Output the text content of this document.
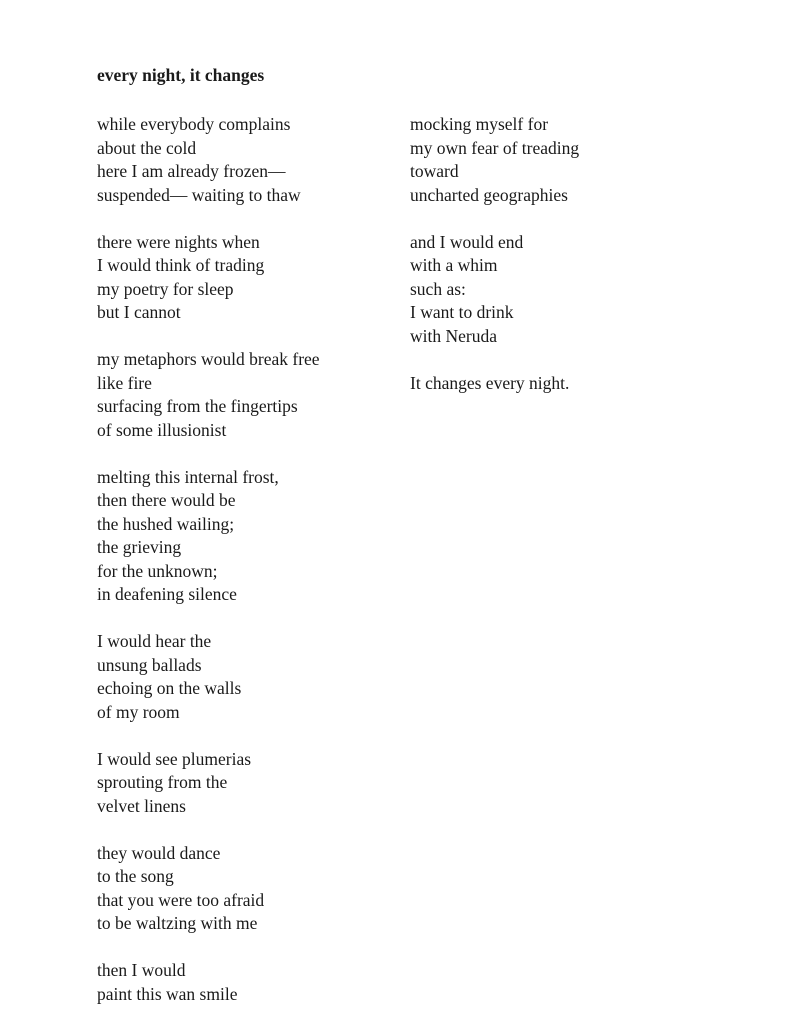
every night, it changes
while everybody complains
about the cold
here I am already frozen—
suspended— waiting to thaw
there were nights when
I would think of trading
my poetry for sleep
but I cannot
my metaphors would break free
like fire
surfacing from the fingertips
of some illusionist
melting this internal frost,
then there would be
the hushed wailing;
the grieving
for the unknown;
in deafening silence
I would hear the
unsung ballads
echoing on the walls
of my room
I would see plumerias
sprouting from the
velvet linens
they would dance
to the song
that you were too afraid
to be waltzing with me
then I would
paint this wan smile
mocking myself for
my own fear of treading
toward
uncharted geographies
and I would end
with a whim
such as:
I want to drink
with Neruda
It changes every night.
